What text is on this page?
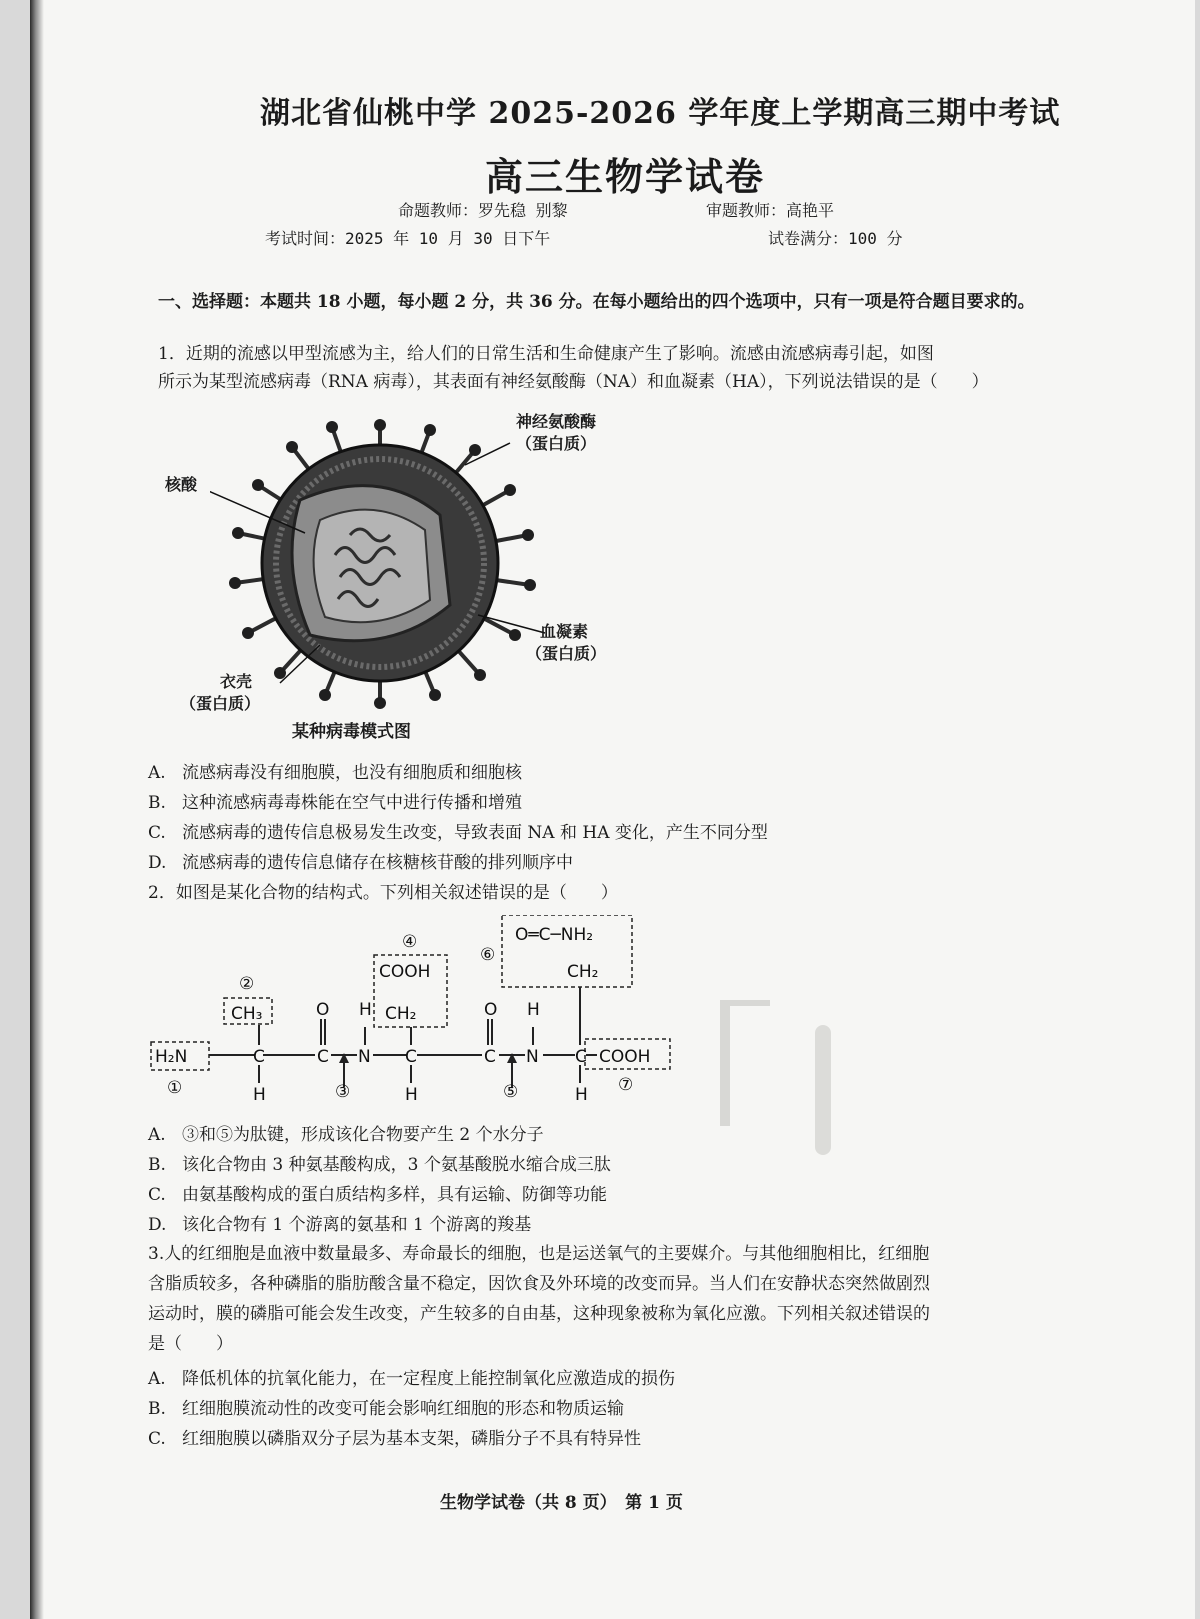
湖北省仙桃中学 2025-2026 学年度上学期高三期中考试
高三生物学试卷
命题教师：罗先稳 别黎	审题教师：高艳平
考试时间：2025 年 10 月 30 日下午	试卷满分：100 分
一、选择题：本题共 18 小题，每小题 2 分，共 36 分。在每小题给出的四个选项中，只有一项是符合题目要求的。
1．近期的流感以甲型流感为主，给人们的日常生活和生命健康产生了影响。流感由流感病毒引起，如图
所示为某型流感病毒（RNA 病毒），其表面有神经氨酸酶（NA）和血凝素（HA），下列说法错误的是（　　）
神经氨酸酶
（蛋白质）
核酸
血凝素
（蛋白质）
衣壳
（蛋白质）
某种病毒模式图
A. 流感病毒没有细胞膜，也没有细胞质和细胞核
B. 这种流感病毒毒株能在空气中进行传播和增殖
C. 流感病毒的遗传信息极易发生改变，导致表面 NA 和 HA 变化，产生不同分型
D. 流感病毒的遗传信息储存在核糖核苷酸的排列顺序中
2．如图是某化合物的结构式。下列相关叙述错误的是（　　）
H₂N	C	C N C	C N C COOH
CH₃	O H
COOH
CH₂	O H
O═C─NH₂
CH₂
H	H	H
①
②
③
④
⑤
⑥
⑦
A. ③和⑤为肽键，形成该化合物要产生 2 个水分子
B. 该化合物由 3 种氨基酸构成，3 个氨基酸脱水缩合成三肽
C. 由氨基酸构成的蛋白质结构多样，具有运输、防御等功能
D. 该化合物有 1 个游离的氨基和 1 个游离的羧基
3.人的红细胞是血液中数量最多、寿命最长的细胞，也是运送氧气的主要媒介。与其他细胞相比，红细胞
含脂质较多，各种磷脂的脂肪酸含量不稳定，因饮食及外环境的改变而异。当人们在安静状态突然做剧烈
运动时，膜的磷脂可能会发生改变，产生较多的自由基，这种现象被称为氧化应激。下列相关叙述错误的
是（　　）
A. 降低机体的抗氧化能力，在一定程度上能控制氧化应激造成的损伤
B. 红细胞膜流动性的改变可能会影响红细胞的形态和物质运输
C. 红细胞膜以磷脂双分子层为基本支架，磷脂分子不具有特异性
生物学试卷（共 8 页）　第 1 页
